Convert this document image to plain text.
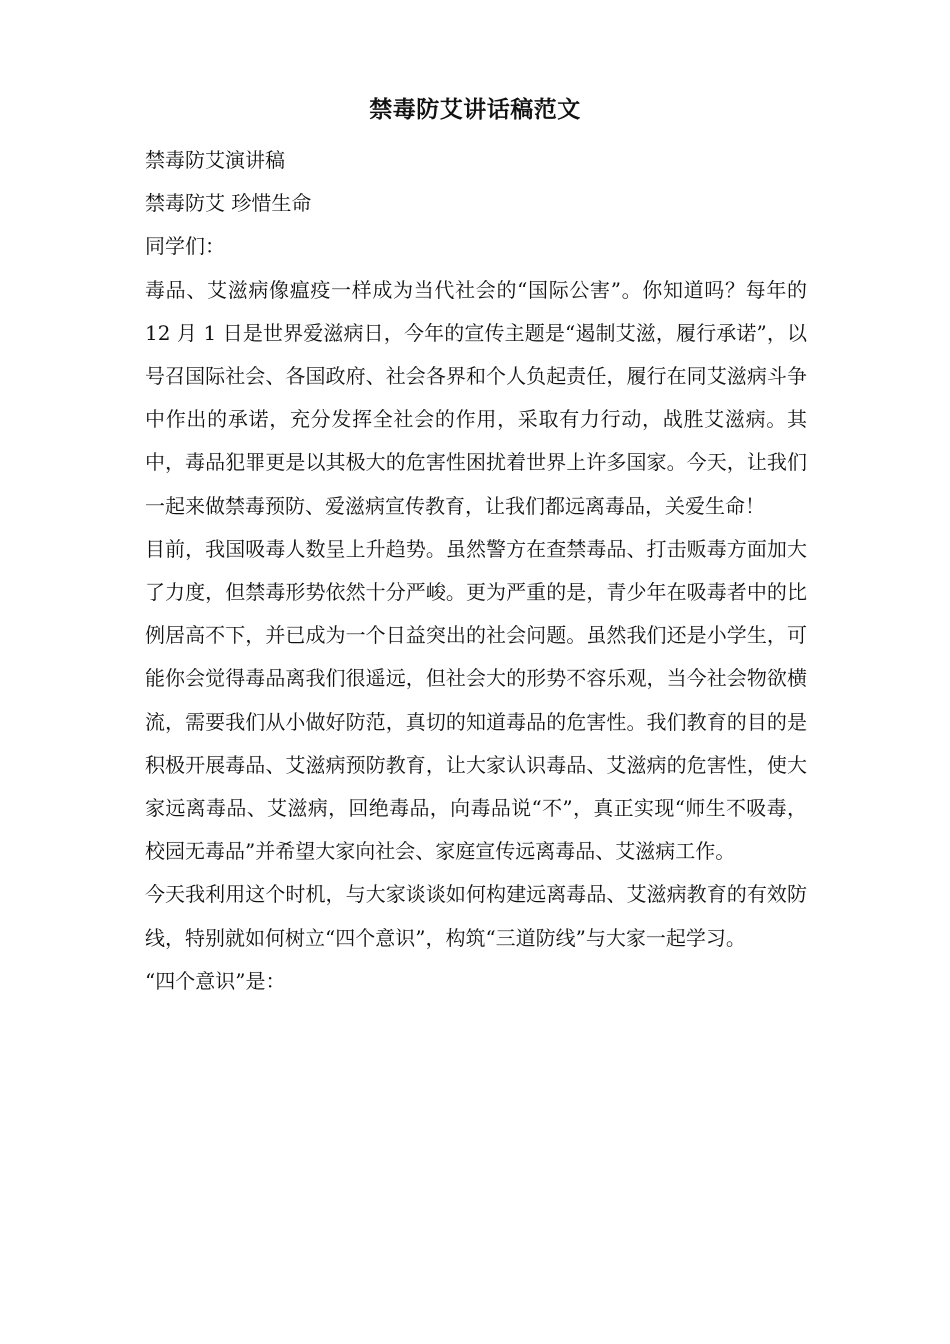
禁毒防艾讲话稿范文

禁毒防艾演讲稿

禁毒防艾 珍惜生命

同学们：

毒品、艾滋病像瘟疫一样成为当代社会的“国际公害”。你知道吗？每年的 12 月 1 日是世界爱滋病日，今年的宣传主题是“遏制艾滋，履行承诺”，以号召国际社会、各国政府、社会各界和个人负起责任，履行在同艾滋病斗争中作出的承诺，充分发挥全社会的作用，采取有力行动，战胜艾滋病。其中，毒品犯罪更是以其极大的危害性困扰着世界上许多国家。今天，让我们一起来做禁毒预防、爱滋病宣传教育，让我们都远离毒品，关爱生命！

目前，我国吸毒人数呈上升趋势。虽然警方在查禁毒品、打击贩毒方面加大了力度，但禁毒形势依然十分严峻。更为严重的是，青少年在吸毒者中的比例居高不下，并已成为一个日益突出的社会问题。虽然我们还是小学生，可能你会觉得毒品离我们很遥远，但社会大的形势不容乐观，当今社会物欲横流，需要我们从小做好防范，真切的知道毒品的危害性。我们教育的目的是积极开展毒品、艾滋病预防教育，让大家认识毒品、艾滋病的危害性，使大家远离毒品、艾滋病，回绝毒品，向毒品说“不”，真正实现“师生不吸毒，校园无毒品”并希望大家向社会、家庭宣传远离毒品、艾滋病工作。

今天我利用这个时机，与大家谈谈如何构建远离毒品、艾滋病教育的有效防线，特别就如何树立“四个意识”，构筑“三道防线”与大家一起学习。

“四个意识”是：
